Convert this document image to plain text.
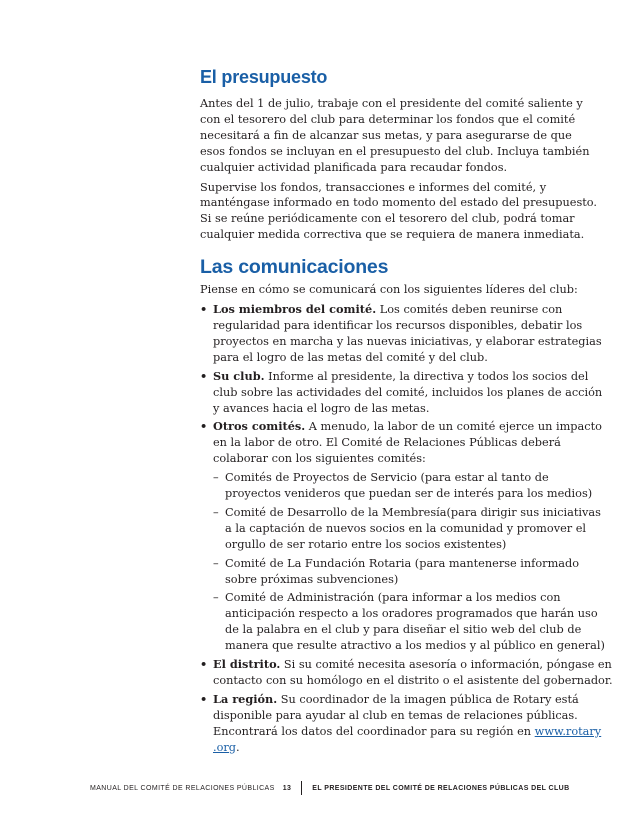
El presupuesto

Antes del 1 de julio, trabaje con el presidente del comité saliente y
con el tesorero del club para determinar los fondos que el comité
necesitará a fin de alcanzar sus metas, y para asegurarse de que
esos fondos se incluyan en el presupuesto del club. Incluya también
cualquier actividad planificada para recaudar fondos.

Supervise los fondos, transacciones e informes del comité, y
manténgase informado en todo momento del estado del presupuesto.
Si se reúne periódicamente con el tesorero del club, podrá tomar
cualquier medida correctiva que se requiera de manera inmediata.

Las comunicaciones

Piense en cómo se comunicará con los siguientes líderes del club:

• Los miembros del comité. Los comités deben reunirse con
regularidad para identificar los recursos disponibles, debatir los
proyectos en marcha y las nuevas iniciativas, y elaborar estrategias
para el logro de las metas del comité y del club.
• Su club. Informe al presidente, la directiva y todos los socios del
club sobre las actividades del comité, incluidos los planes de acción
y avances hacia el logro de las metas.
• Otros comités. A menudo, la labor de un comité ejerce un impacto
en la labor de otro. El Comité de Relaciones Públicas deberá
colaborar con los siguientes comités:
– Comités de Proyectos de Servicio (para estar al tanto de
proyectos venideros que puedan ser de interés para los medios)
– Comité de Desarrollo de la Membresía(para dirigir sus iniciativas
a la captación de nuevos socios en la comunidad y promover el
orgullo de ser rotario entre los socios existentes)
– Comité de La Fundación Rotaria (para mantenerse informado
sobre próximas subvenciones)
– Comité de Administración (para informar a los medios con
anticipación respecto a los oradores programados que harán uso
de la palabra en el club y para diseñar el sitio web del club de
manera que resulte atractivo a los medios y al público en general)
• El distrito. Si su comité necesita asesoría o información, póngase en
contacto con su homólogo en el distrito o el asistente del gobernador.
• La región. Su coordinador de la imagen pública de Rotary está
disponible para ayudar al club en temas de relaciones públicas.
Encontrará los datos del coordinador para su región en www.rotary
.org.
MANUAL DEL COMITÉ DE RELACIONES PÚBLICAS 13	EL PRESIDENTE DEL COMITÉ DE RELACIONES PÚBLICAS DEL CLUB
